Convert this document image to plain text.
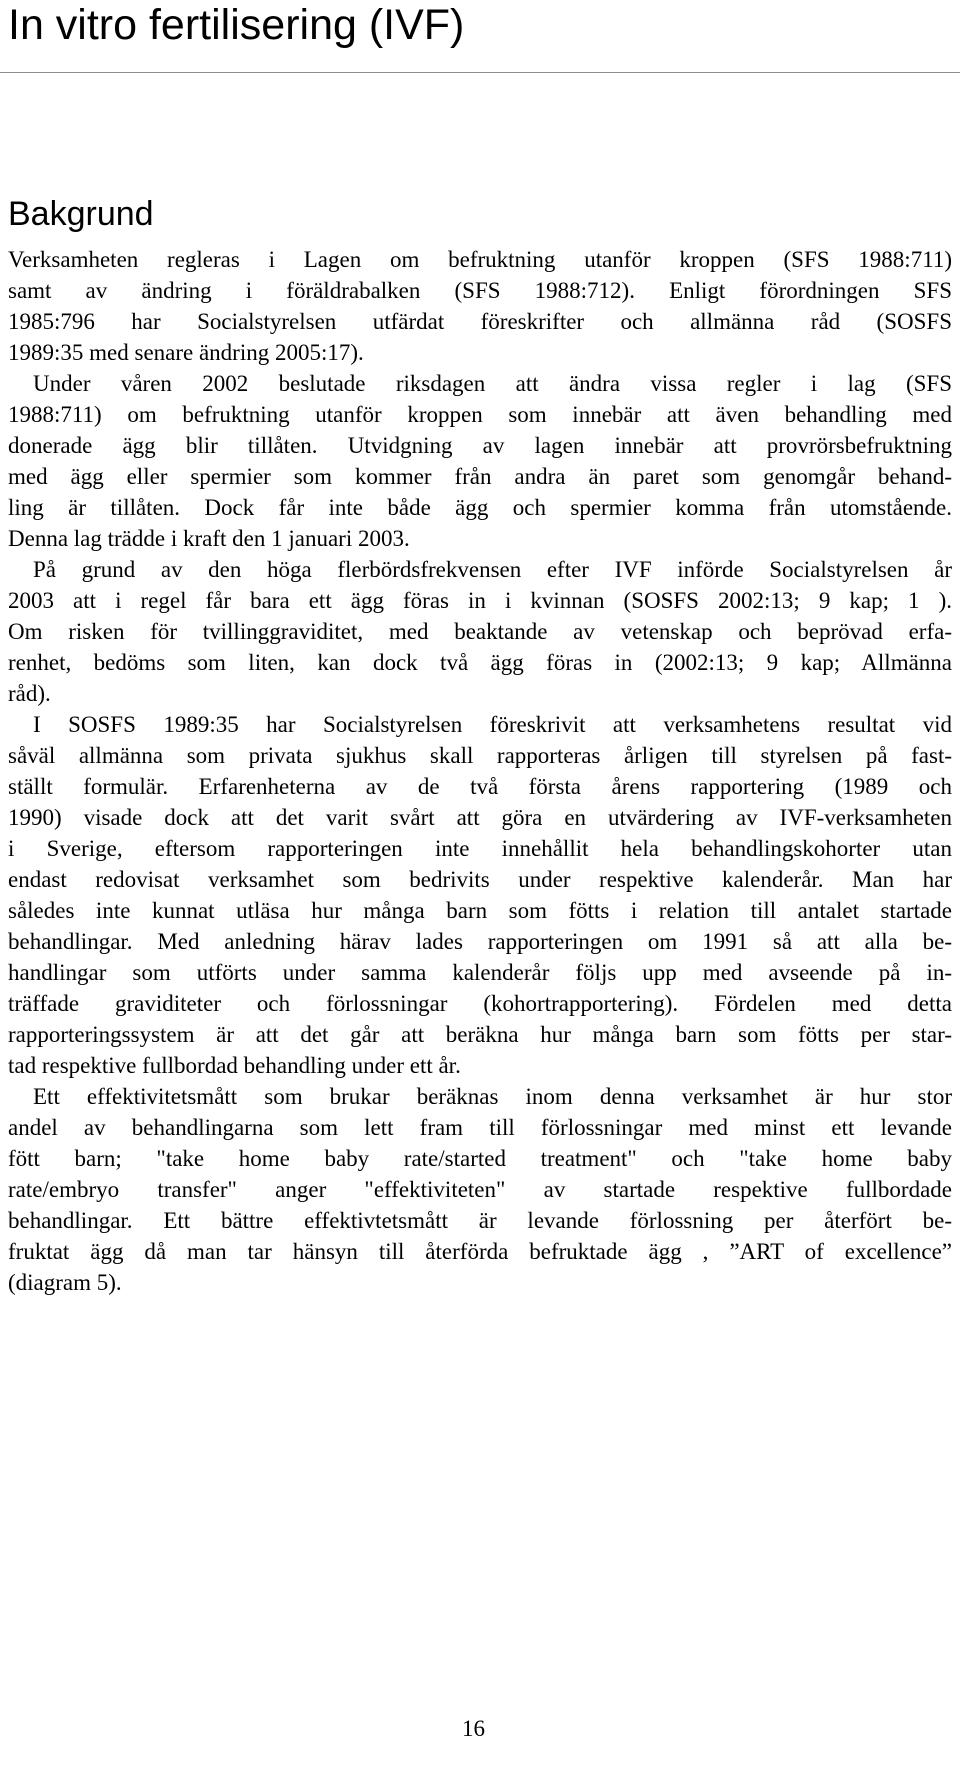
In vitro fertilisering (IVF)
Bakgrund
Verksamheten regleras i Lagen om befruktning utanför kroppen (SFS 1988:711)
samt av ändring i föräldrabalken (SFS 1988:712). Enligt förordningen SFS
1985:796 har Socialstyrelsen utfärdat föreskrifter och allmänna råd (SOSFS
1989:35 med senare ändring 2005:17).
Under våren 2002 beslutade riksdagen att ändra vissa regler i lag (SFS
1988:711) om befruktning utanför kroppen som innebär att även behandling med
donerade ägg blir tillåten. Utvidgning av lagen innebär att provrörsbefruktning
med ägg eller spermier som kommer från andra än paret som genomgår behand-
ling är tillåten. Dock får inte både ägg och spermier komma från utomstående.
Denna lag trädde i kraft den 1 januari 2003.
På grund av den höga flerbördsfrekvensen efter IVF införde Socialstyrelsen år
2003 att i regel får bara ett ägg föras in i kvinnan (SOSFS 2002:13; 9 kap; 1 ).
Om risken för tvillinggraviditet, med beaktande av vetenskap och beprövad erfa-
renhet, bedöms som liten, kan dock två ägg föras in (2002:13; 9 kap; Allmänna
råd).
I SOSFS 1989:35 har Socialstyrelsen föreskrivit att verksamhetens resultat vid
såväl allmänna som privata sjukhus skall rapporteras årligen till styrelsen på fast-
ställt formulär. Erfarenheterna av de två första årens rapportering (1989 och
1990) visade dock att det varit svårt att göra en utvärdering av IVF-verksamheten
i Sverige, eftersom rapporteringen inte innehållit hela behandlingskohorter utan
endast redovisat verksamhet som bedrivits under respektive kalenderår. Man har
således inte kunnat utläsa hur många barn som fötts i relation till antalet startade
behandlingar. Med anledning härav lades rapporteringen om 1991 så att alla be-
handlingar som utförts under samma kalenderår följs upp med avseende på in-
träffade graviditeter och förlossningar (kohortrapportering). Fördelen med detta
rapporteringssystem är att det går att beräkna hur många barn som fötts per star-
tad respektive fullbordad behandling under ett år.
Ett effektivitetsmått som brukar beräknas inom denna verksamhet är hur stor
andel av behandlingarna som lett fram till förlossningar med minst ett levande
fött barn; "take home baby rate/started treatment" och "take home baby
rate/embryo transfer" anger "effektiviteten" av startade respektive fullbordade
behandlingar. Ett bättre effektivtetsmått är levande förlossning per återfört be-
fruktat ägg då man tar hänsyn till återförda befruktade ägg , ”ART of excellence”
(diagram 5).
16
